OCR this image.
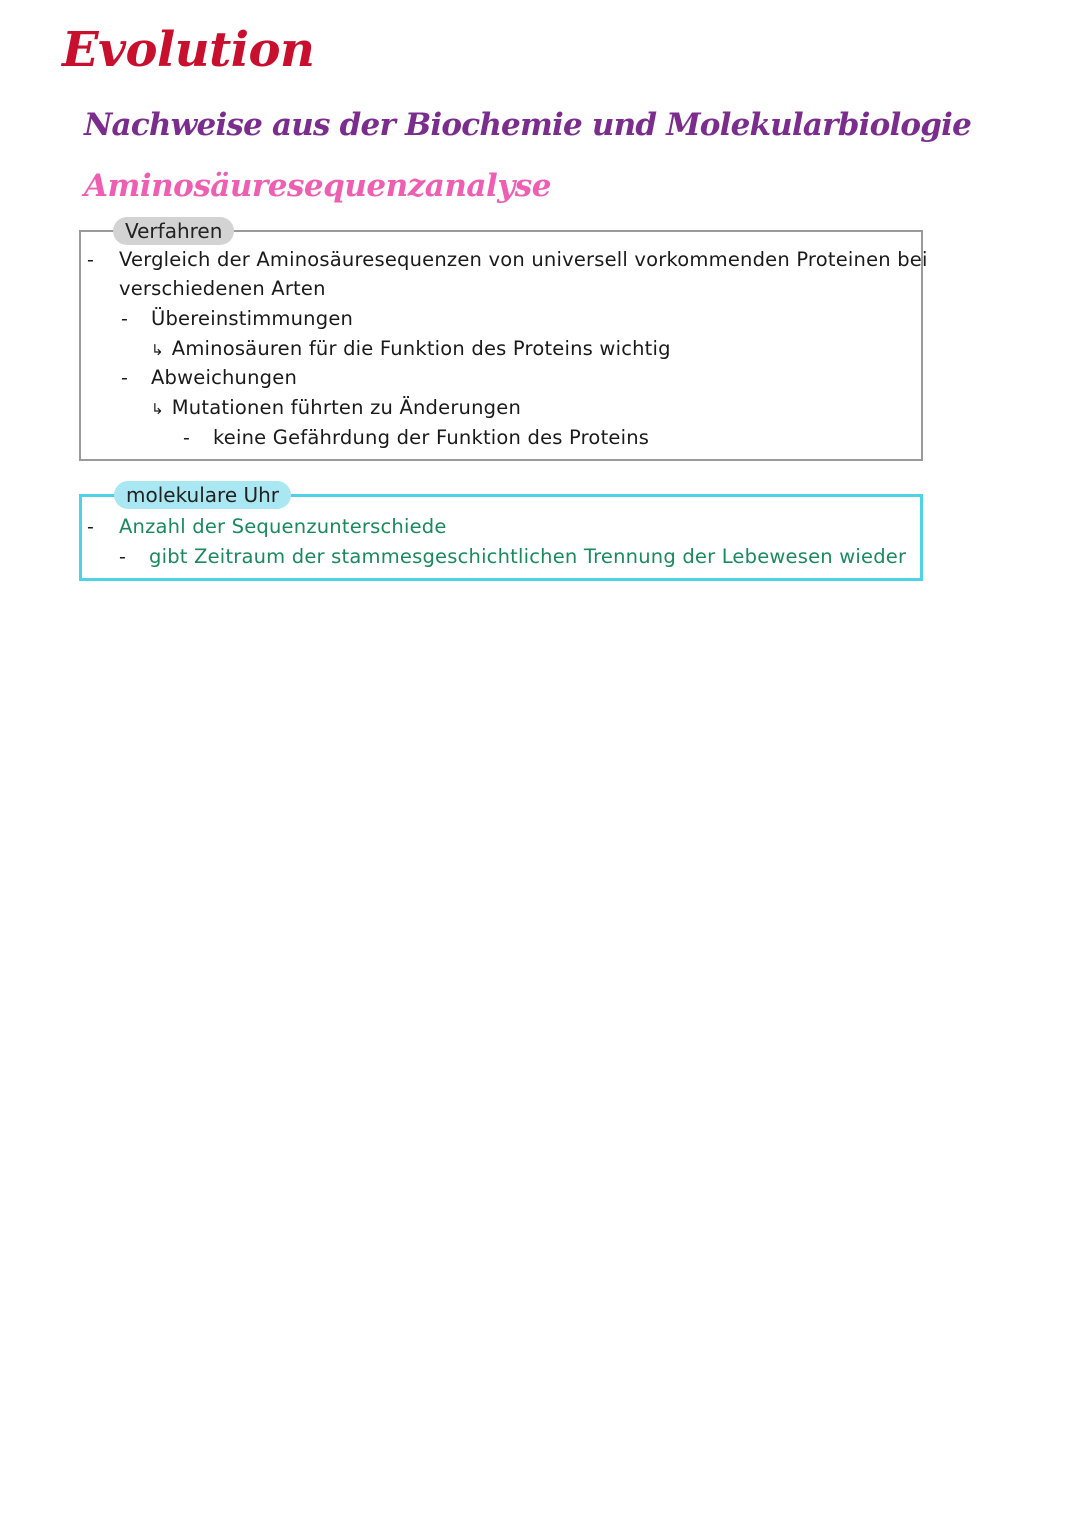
Evolution
Nachweise aus der Biochemie und Molekularbiologie
Aminosäuresequenzanalyse
Verfahren
- Vergleich der Aminosäuresequenzen von universell vorkommenden Proteinen bei
verschiedenen Arten
- Übereinstimmungen
↳ Aminosäuren für die Funktion des Proteins wichtig
- Abweichungen
↳ Mutationen führten zu Änderungen
- keine Gefährdung der Funktion des Proteins
molekulare Uhr
- Anzahl der Sequenzunterschiede
- gibt Zeitraum der stammesgeschichtlichen Trennung der Lebewesen wieder
